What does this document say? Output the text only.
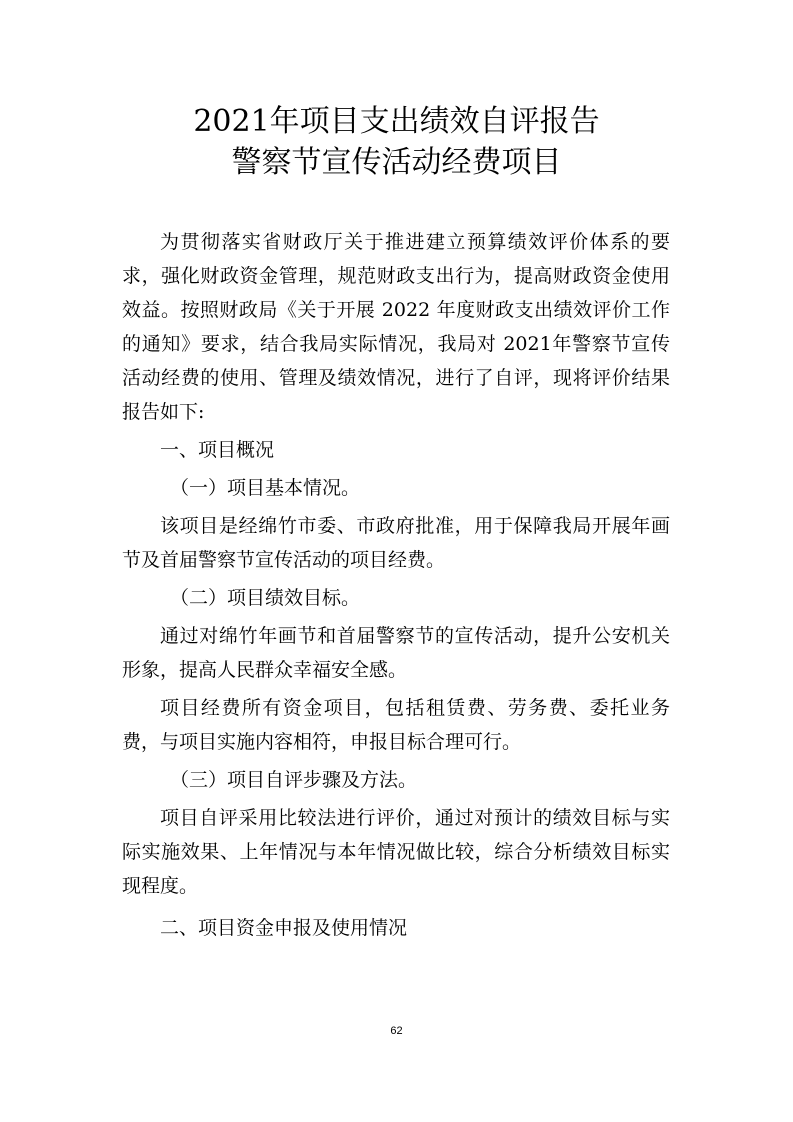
2021年项目支出绩效自评报告
警察节宣传活动经费项目

为贯彻落实省财政厅关于推进建立预算绩效评价体系的要求，强化财政资金管理，规范财政支出行为，提高财政资金使用效益。按照财政局《关于开展 2022 年度财政支出绩效评价工作的通知》要求，结合我局实际情况，我局对 2021年警察节宣传活动经费的使用、管理及绩效情况，进行了自评，现将评价结果报告如下:

一、项目概况

（一）项目基本情况。

该项目是经绵竹市委、市政府批准，用于保障我局开展年画节及首届警察节宣传活动的项目经费。

（二）项目绩效目标。

通过对绵竹年画节和首届警察节的宣传活动，提升公安机关形象，提高人民群众幸福安全感。

项目经费所有资金项目，包括租赁费、劳务费、委托业务费，与项目实施内容相符，申报目标合理可行。

（三）项目自评步骤及方法。

项目自评采用比较法进行评价，通过对预计的绩效目标与实际实施效果、上年情况与本年情况做比较，综合分析绩效目标实现程度。

二、项目资金申报及使用情况

62
